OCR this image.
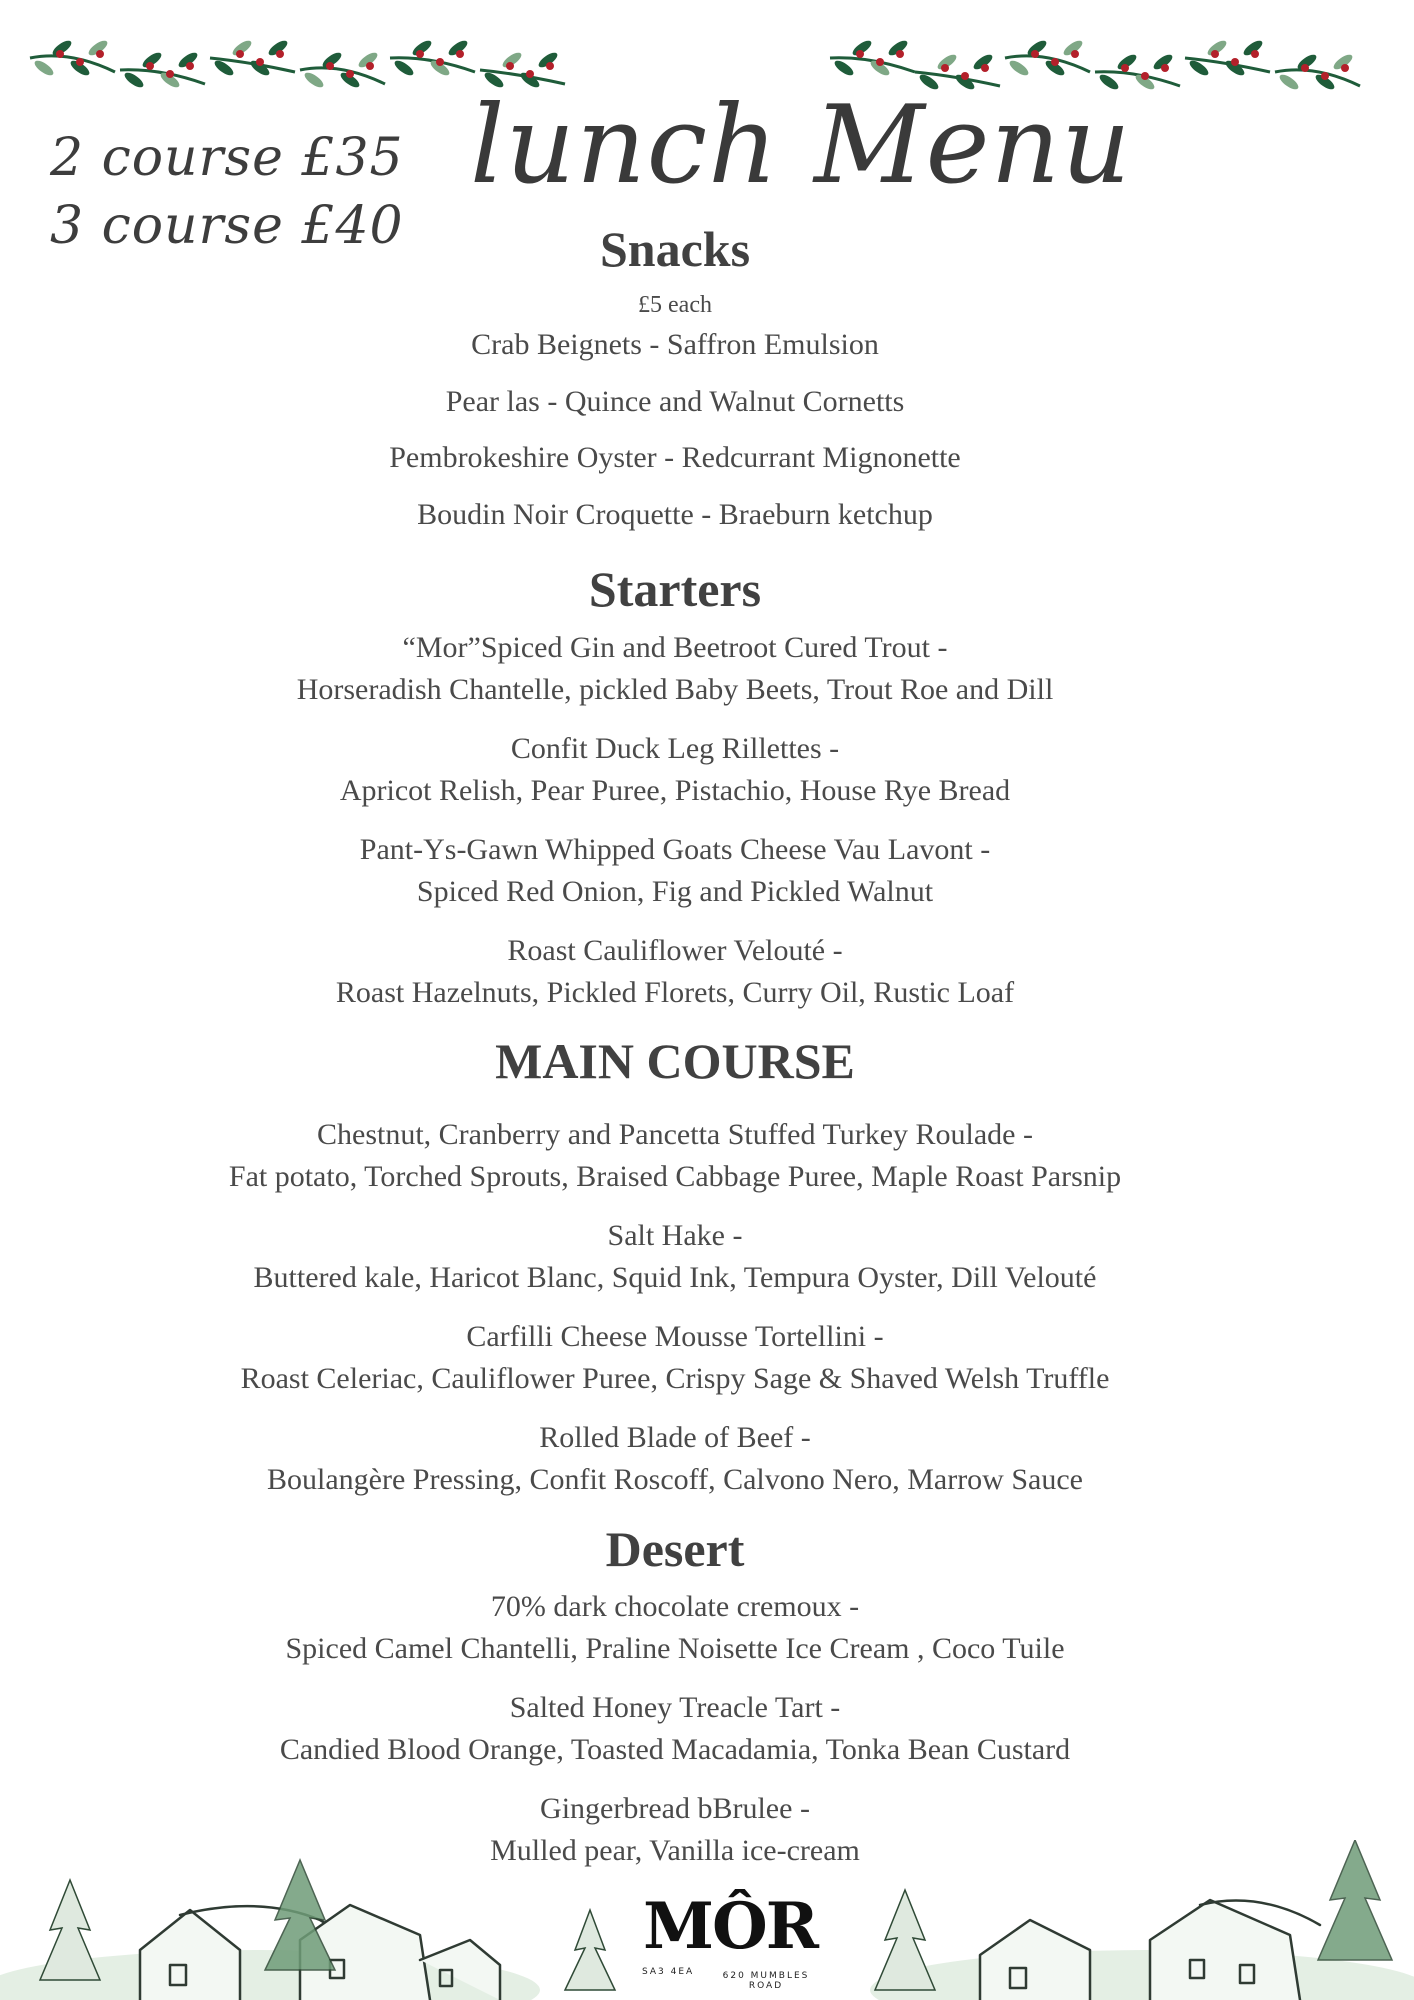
2 course £35
3 course £40
lunch Menu
Snacks
£5 each
Crab Beignets - Saffron Emulsion
Pear las - Quince and Walnut Cornetts
Pembrokeshire Oyster - Redcurrant Mignonette
Boudin Noir Croquette - Braeburn ketchup
Starters
“Mor”Spiced Gin and Beetroot Cured Trout -
Horseradish Chantelle, pickled Baby Beets, Trout Roe and Dill
Confit Duck Leg Rillettes -
Apricot Relish, Pear Puree, Pistachio, House Rye Bread
Pant-Ys-Gawn Whipped Goats Cheese Vau Lavont -
Spiced Red Onion, Fig and Pickled Walnut
Roast Cauliflower Velouté -
Roast Hazelnuts, Pickled Florets, Curry Oil, Rustic Loaf
MAIN COURSE
Chestnut, Cranberry and Pancetta Stuffed Turkey Roulade -
Fat potato, Torched Sprouts, Braised Cabbage Puree, Maple Roast Parsnip
Salt Hake -
Buttered kale, Haricot Blanc, Squid Ink, Tempura Oyster, Dill Velouté
Carfilli Cheese Mousse Tortellini -
Roast Celeriac, Cauliflower Puree, Crispy Sage & Shaved Welsh Truffle
Rolled Blade of Beef -
Boulangère Pressing, Confit Roscoff, Calvono Nero, Marrow Sauce
Desert
70% dark chocolate cremoux -
Spiced Camel Chantelli, Praline Noisette Ice Cream , Coco Tuile
Salted Honey Treacle Tart -
Candied Blood Orange, Toasted Macadamia, Tonka Bean Custard
Gingerbread bBrulee -
Mulled pear, Vanilla ice-cream
MÔR
SA3 4EA	620 MUMBLES ROAD
